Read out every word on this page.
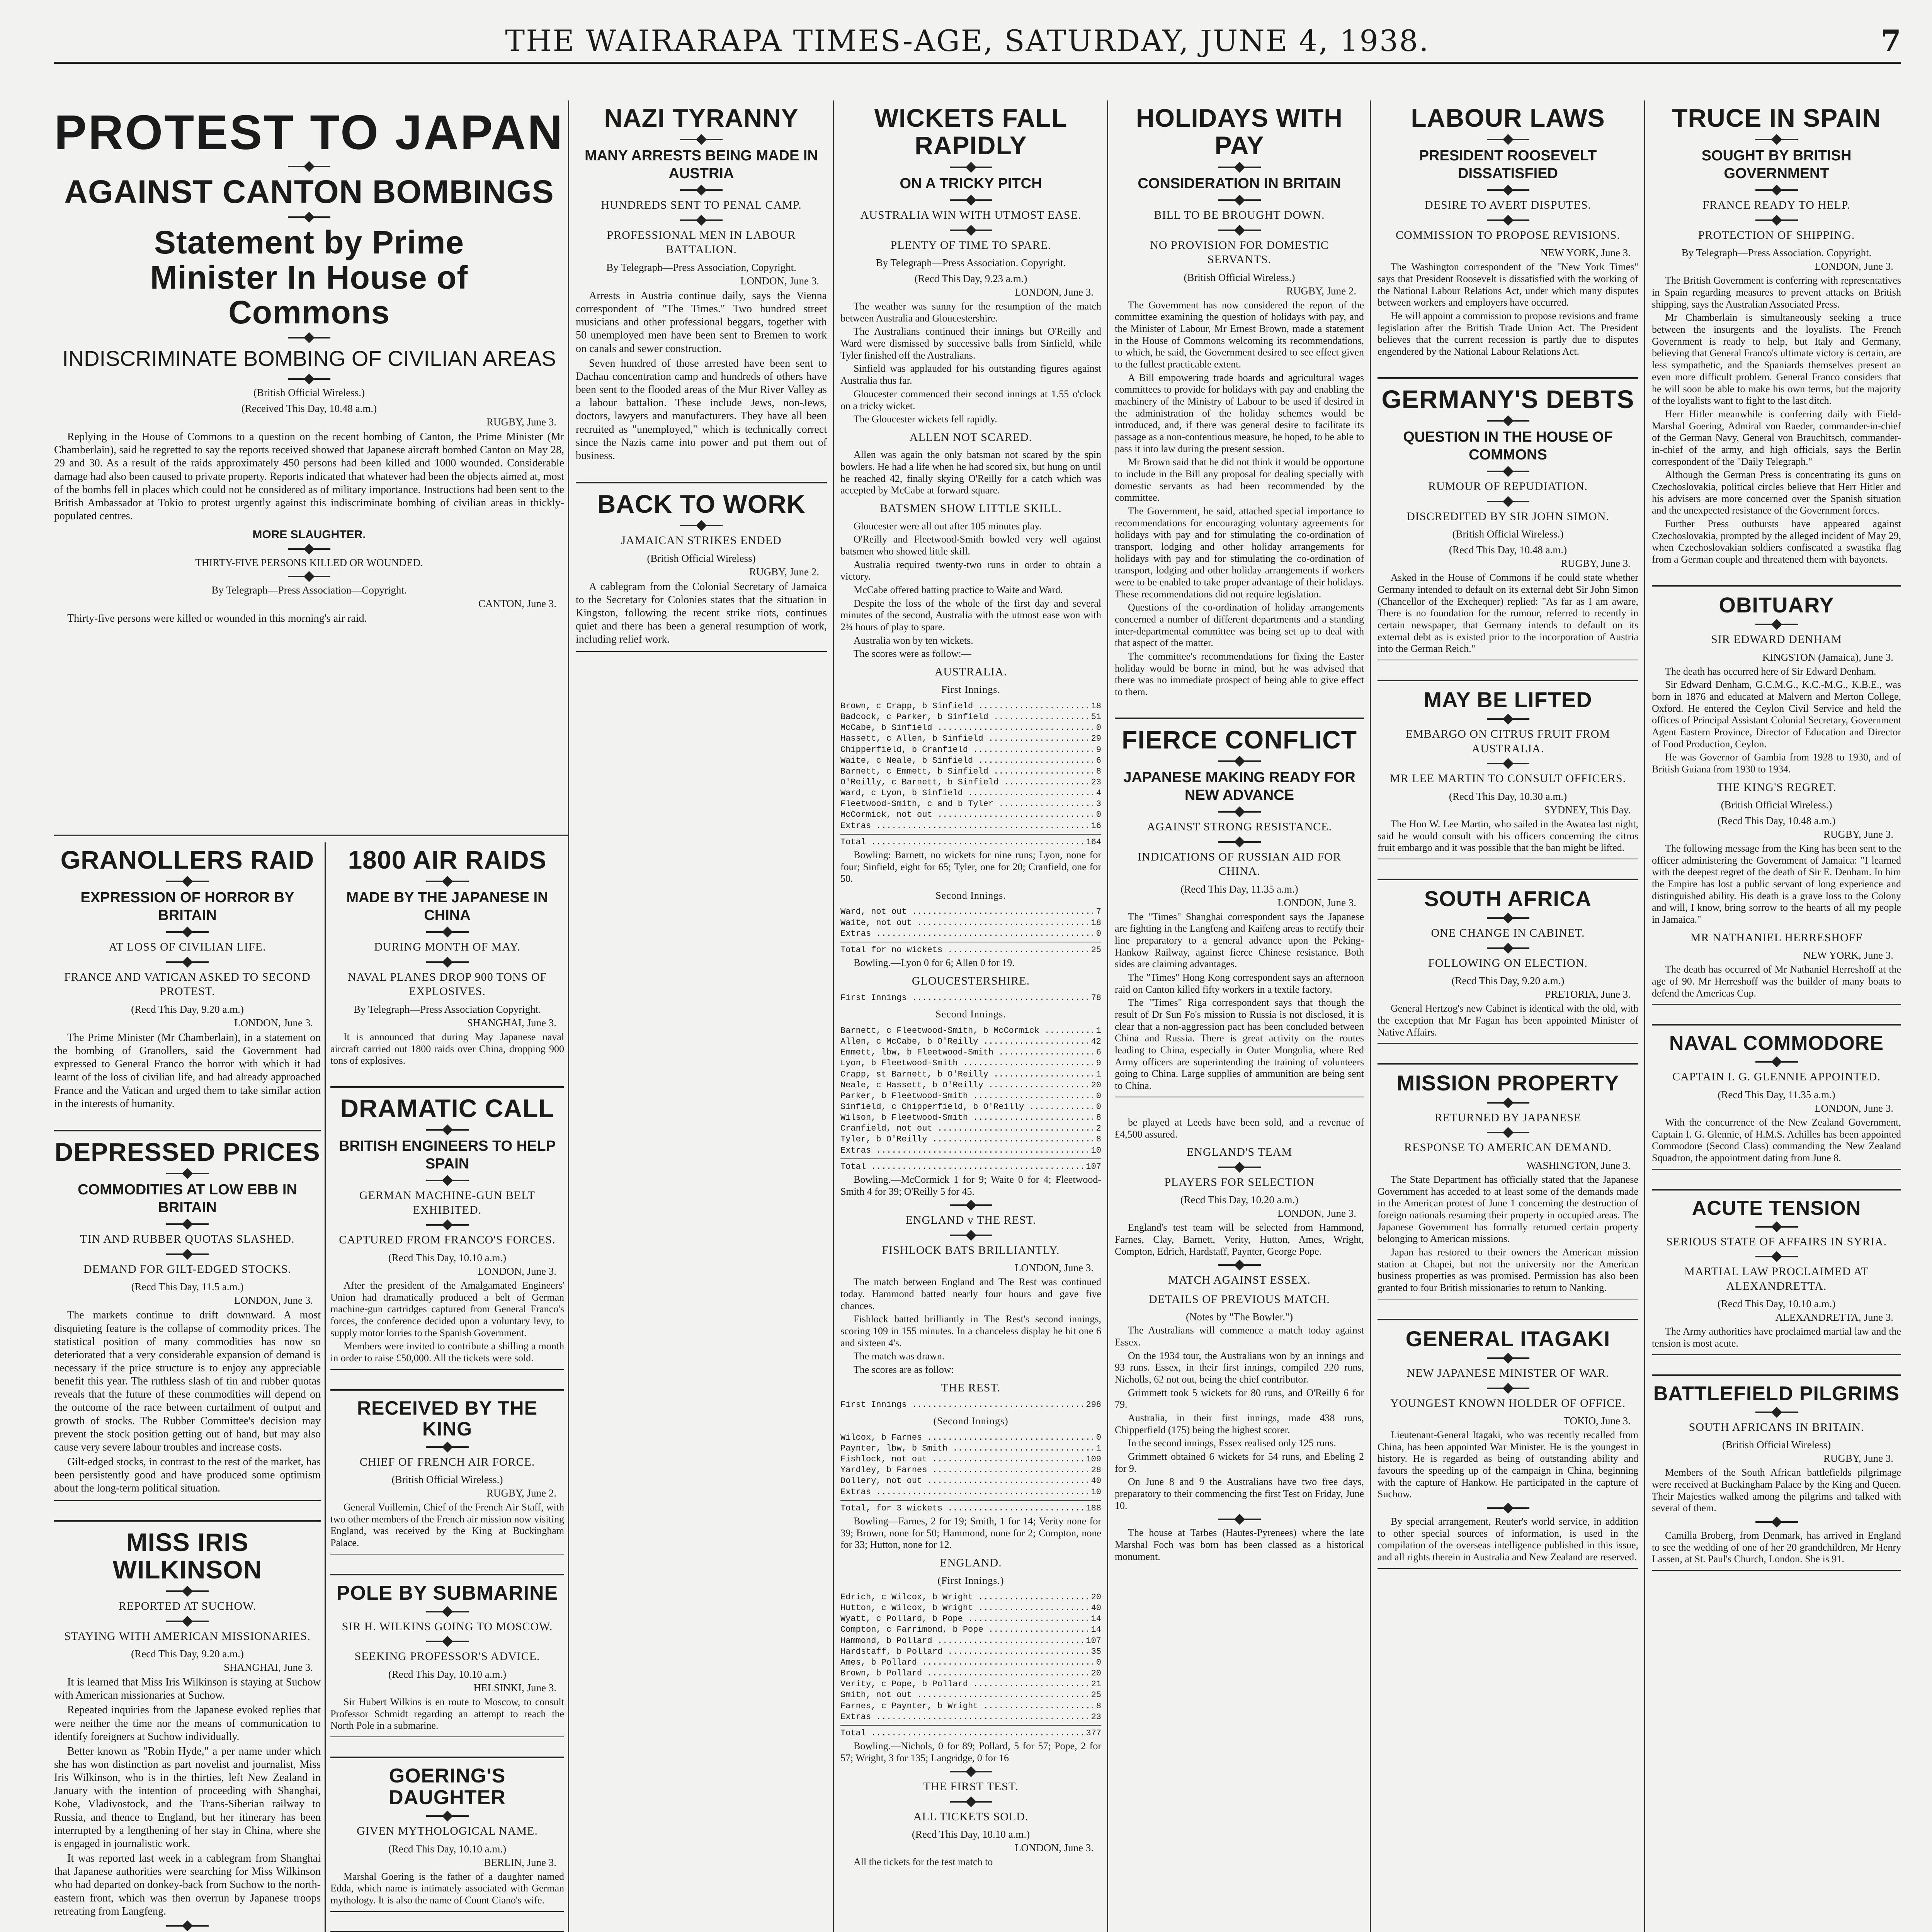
THE WAIRARAPA TIMES-AGE, SATURDAY, JUNE 4, 1938.	7
PROTEST TO JAPAN
AGAINST CANTON BOMBINGS
Statement by Prime Minister In House of Commons
INDISCRIMINATE BOMBING OF CIVILIAN AREAS
(British Official Wireless.)
(Received This Day, 10.48 a.m.)
RUGBY, June 3.

Replying in the House of Commons to a question on the recent bombing of Canton, the Prime Minister (Mr Chamberlain), said he regretted to say the reports received showed that Japanese aircraft bombed Canton on May 28, 29 and 30. As a result of the raids approximately 450 persons had been killed and 1000 wounded. Considerable damage had also been caused to private property. Reports indicated that whatever had been the objects aimed at, most of the bombs fell in places which could not be considered as of military importance. Instructions had been sent to the British Ambassador at Tokio to protest urgently against this indiscriminate bombing of civilian areas in thickly-populated centres.

MORE SLAUGHTER.
THIRTY-FIVE PERSONS KILLED OR WOUNDED.
By Telegraph—Press Association—Copyright.
CANTON, June 3.

Thirty-five persons were killed or wounded in this morning's air raid.

GRANOLLERS RAID
EXPRESSION OF HORROR BY BRITAIN
AT LOSS OF CIVILIAN LIFE.
FRANCE AND VATICAN ASKED TO SECOND PROTEST.
(Recd This Day, 9.20 a.m.)
LONDON, June 3.

The Prime Minister (Mr Chamberlain), in a statement on the bombing of Granollers, said the Government had expressed to General Franco the horror with which it had learnt of the loss of civilian life, and had already approached France and the Vatican and urged them to take similar action in the interests of humanity.

DEPRESSED PRICES
COMMODITIES AT LOW EBB IN BRITAIN
TIN AND RUBBER QUOTAS SLASHED.
DEMAND FOR GILT-EDGED STOCKS.
(Recd This Day, 11.5 a.m.)
LONDON, June 3.

The markets continue to drift downward. A most disquieting feature is the collapse of commodity prices. The statistical position of many commodities has now so deteriorated that a very considerable expansion of demand is necessary if the price structure is to enjoy any appreciable benefit this year. The ruthless slash of tin and rubber quotas reveals that the future of these commodities will depend on the outcome of the race between curtailment of output and growth of stocks. The Rubber Committee's decision may prevent the stock position getting out of hand, but may also cause very severe labour troubles and increase costs.

Gilt-edged stocks, in contrast to the rest of the market, has been persistently good and have produced some optimism about the long-term political situation.

MISS IRIS WILKINSON
REPORTED AT SUCHOW.
STAYING WITH AMERICAN MISSIONARIES.
(Recd This Day, 9.20 a.m.)
SHANGHAI, June 3.

It is learned that Miss Iris Wilkinson is staying at Suchow with American missionaries at Suchow.

Repeated inquiries from the Japanese evoked replies that were neither the time nor the means of communication to identify foreigners at Suchow individually.

Better known as "Robin Hyde," a per name under which she has won distinction as part novelist and journalist, Miss Iris Wilkinson, who is in the thirties, left New Zealand in January with the intention of proceeding with Shanghai, Kobe, Vladivostock, and the Trans-Siberian railway to Russia, and thence to England, but her itinerary has been interrupted by a lengthening of her stay in China, where she is engaged in journalistic work.

It was reported last week in a cablegram from Shanghai that Japanese authorities were searching for Miss Wilkinson who had departed on donkey-back from Suchow to the north-eastern front, which was then overrun by Japanese troops retreating from Langfeng.

1800 AIR RAIDS
MADE BY THE JAPANESE IN CHINA
DURING MONTH OF MAY.
NAVAL PLANES DROP 900 TONS OF EXPLOSIVES.
By Telegraph—Press Association Copyright.
SHANGHAI, June 3.

It is announced that during May Japanese naval aircraft carried out 1800 raids over China, dropping 900 tons of explosives.

DRAMATIC CALL
BRITISH ENGINEERS TO HELP SPAIN
GERMAN MACHINE-GUN BELT EXHIBITED.
CAPTURED FROM FRANCO'S FORCES.
(Recd This Day, 10.10 a.m.)
LONDON, June 3.

After the president of the Amalgamated Engineers' Union had dramatically produced a belt of German machine-gun cartridges captured from General Franco's forces, the conference decided upon a voluntary levy, to supply motor lorries to the Spanish Government.

Members were invited to contribute a shilling a month in order to raise £50,000. All the tickets were sold.

RECEIVED BY THE KING
CHIEF OF FRENCH AIR FORCE.
(British Official Wireless.)
RUGBY, June 2.

General Vuillemin, Chief of the French Air Staff, with two other members of the French air mission now visiting England, was received by the King at Buckingham Palace.

POLE BY SUBMARINE
SIR H. WILKINS GOING TO MOSCOW.
SEEKING PROFESSOR'S ADVICE.
(Recd This Day, 10.10 a.m.)
HELSINKI, June 3.

Sir Hubert Wilkins is en route to Moscow, to consult Professor Schmidt regarding an attempt to reach the North Pole in a submarine.

GOERING'S DAUGHTER
GIVEN MYTHOLOGICAL NAME.
(Recd This Day, 10.10 a.m.)
BERLIN, June 3.

Marshal Goering is the father of a daughter named Edda, which name is intimately associated with German mythology. It is also the name of Count Ciano's wife.

NAZI TYRANNY
MANY ARRESTS BEING MADE IN AUSTRIA
HUNDREDS SENT TO PENAL CAMP.
PROFESSIONAL MEN IN LABOUR BATTALION.
By Telegraph—Press Association, Copyright.
LONDON, June 3.

Arrests in Austria continue daily, says the Vienna correspondent of "The Times." Two hundred street musicians and other professional beggars, together with 50 unemployed men have been sent to Bremen to work on canals and sewer construction.

Seven hundred of those arrested have been sent to Dachau concentration camp and hundreds of others have been sent to the flooded areas of the Mur River Valley as a labour battalion. These include Jews, non-Jews, doctors, lawyers and manufacturers. They have all been recruited as "unemployed," which is technically correct since the Nazis came into power and put them out of business.

BACK TO WORK
JAMAICAN STRIKES ENDED
(British Official Wireless)
RUGBY, June 2.

A cablegram from the Colonial Secretary of Jamaica to the Secretary for Colonies states that the situation in Kingston, following the recent strike riots, continues quiet and there has been a general resumption of work, including relief work.

WICKETS FALL RAPIDLY
ON A TRICKY PITCH
AUSTRALIA WIN WITH UTMOST EASE.
PLENTY OF TIME TO SPARE.
By Telegraph—Press Association. Copyright.
(Recd This Day, 9.23 a.m.)
LONDON, June 3.

The weather was sunny for the resumption of the match between Australia and Gloucestershire.

The Australians continued their innings but O'Reilly and Ward were dismissed by successive balls from Sinfield, while Tyler finished off the Australians.

Sinfield was applauded for his outstanding figures against Australia thus far.

Gloucester commenced their second innings at 1.55 o'clock on a tricky wicket.

The Gloucester wickets fell rapidly.

ALLEN NOT SCARED.

Allen was again the only batsman not scared by the spin bowlers. He had a life when he had scored six, but hung on until he reached 42, finally skying O'Reilly for a catch which was accepted by McCabe at forward square.

BATSMEN SHOW LITTLE SKILL.

Gloucester were all out after 105 minutes play.

O'Reilly and Fleetwood-Smith bowled very well against batsmen who showed little skill.

Australia required twenty-two runs in order to obtain a victory.

McCabe offered batting practice to Waite and Ward.

Despite the loss of the whole of the first day and several minutes of the second, Australia with the utmost ease won with 2¾ hours of play to spare.

Australia won by ten wickets.

The scores were as follow:—

AUSTRALIA.
First Innings.
Brown, c Crapp, b Sinfield .....	18
Badcock, c Parker, b Sinfield .....	51
McCabe, b Sinfield .....	0
Hassett, c Allen, b Sinfield .....	29
Chipperfield, b Cranfield .....	9
Waite, c Neale, b Sinfield .....	6
Barnett, c Emmett, b Sinfield .....	8
O'Reilly, c Barnett, b Sinfield .....	23
Ward, c Lyon, b Sinfield .....	4
Fleetwood-Smith, c and b Tyler .....	3
McCormick, not out .....	0
Extras .....	16
Total .....	164

Bowling: Barnett, no wickets for nine runs; Lyon, none for four; Sinfield, eight for 65; Tyler, one for 20; Cranfield, one for 50.

Second Innings.
Ward, not out .....	7
Waite, not out .....	18
Extras .....	0
Total for no wickets .....	25

Bowling.—Lyon 0 for 6; Allen 0 for 19.

GLOUCESTERSHIRE.
First Innings .....	78
Second Innings.
Barnett, c Fleetwood-Smith, b McCormick .....	1
Allen, c McCabe, b O'Reilly .....	42
Emmett, lbw, b Fleetwood-Smith .....	6
Lyon, b Fleetwood-Smith .....	9
Crapp, st Barnett, b O'Reilly .....	1
Neale, c Hassett, b O'Reilly .....	20
Parker, b Fleetwood-Smith .....	0
Sinfield, c Chipperfield, b O'Reilly .....	0
Wilson, b Fleetwood-Smith .....	8
Cranfield, not out .....	2
Tyler, b O'Reilly .....	8
Extras .....	10
Total .....	107

Bowling.—McCormick 1 for 9; Waite 0 for 4; Fleetwood-Smith 4 for 39; O'Reilly 5 for 45.

ENGLAND v THE REST.
FISHLOCK BATS BRILLIANTLY.
LONDON, June 3.

The match between England and The Rest was continued today. Hammond batted nearly four hours and gave five chances.

Fishlock batted brilliantly in The Rest's second innings, scoring 109 in 155 minutes. In a chanceless display he hit one 6 and sixteen 4's.

The match was drawn.

The scores are as follow:

THE REST.
First Innings .....	298
(Second Innings)
Wilcox, b Farnes .....	0
Paynter, lbw, b Smith .....	1
Fishlock, not out .....	109
Yardley, b Farnes .....	28
Dollery, not out .....	40
Extras .....	10
Total, for 3 wickets .....	188

Bowling—Farnes, 2 for 19; Smith, 1 for 14; Verity none for 39; Brown, none for 50; Hammond, none for 2; Compton, none for 33; Hutton, none for 12.

ENGLAND.
(First Innings.)
Edrich, c Wilcox, b Wright .....	20
Hutton, c Wilcox, b Wright .....	40
Wyatt, c Pollard, b Pope .....	14
Compton, c Farrimond, b Pope .....	14
Hammond, b Pollard .....	107
Hardstaff, b Pollard .....	35
Ames, b Pollard .....	0
Brown, b Pollard .....	20
Verity, c Pope, b Pollard .....	21
Smith, not out .....	25
Farnes, c Paynter, b Wright .....	8
Extras .....	23
Total .....	377

Bowling.—Nichols, 0 for 89; Pollard, 5 for 57; Pope, 2 for 57; Wright, 3 for 135; Langridge, 0 for 16

THE FIRST TEST.
ALL TICKETS SOLD.
(Recd This Day, 10.10 a.m.)
LONDON, June 3.

All the tickets for the test match to

HOLIDAYS WITH PAY
CONSIDERATION IN BRITAIN
BILL TO BE BROUGHT DOWN.
NO PROVISION FOR DOMESTIC SERVANTS.
(British Official Wireless.)
RUGBY, June 2.

The Government has now considered the report of the committee examining the question of holidays with pay, and the Minister of Labour, Mr Ernest Brown, made a statement in the House of Commons welcoming its recommendations, to which, he said, the Government desired to see effect given to the fullest practicable extent.

A Bill empowering trade boards and agricultural wages committees to provide for holidays with pay and enabling the machinery of the Ministry of Labour to be used if desired in the administration of the holiday schemes would be introduced, and, if there was general desire to facilitate its passage as a non-contentious measure, he hoped, to be able to pass it into law during the present session.

Mr Brown said that he did not think it would be opportune to include in the Bill any proposal for dealing specially with domestic servants as had been recommended by the committee.

The Government, he said, attached special importance to recommendations for encouraging voluntary agreements for holidays with pay and for stimulating the co-ordination of transport, lodging and other holiday arrangements for holidays with pay and for stimulating the co-ordination of transport, lodging and other holiday arrangements if workers were to be enabled to take proper advantage of their holidays. These recommendations did not require legislation.

Questions of the co-ordination of holiday arrangements concerned a number of different departments and a standing inter-departmental committee was being set up to deal with that aspect of the matter.

The committee's recommendations for fixing the Easter holiday would be borne in mind, but he was advised that there was no immediate prospect of being able to give effect to them.

FIERCE CONFLICT
JAPANESE MAKING READY FOR NEW ADVANCE
AGAINST STRONG RESISTANCE.
INDICATIONS OF RUSSIAN AID FOR CHINA.
(Recd This Day, 11.35 a.m.)
LONDON, June 3.

The "Times" Shanghai correspondent says the Japanese are fighting in the Langfeng and Kaifeng areas to rectify their line preparatory to a general advance upon the Peking-Hankow Railway, against fierce Chinese resistance. Both sides are claiming advantages.

The "Times" Hong Kong correspondent says an afternoon raid on Canton killed fifty workers in a textile factory.

The "Times" Riga correspondent says that though the result of Dr Sun Fo's mission to Russia is not disclosed, it is clear that a non-aggression pact has been concluded between China and Russia. There is great activity on the routes leading to China, especially in Outer Mongolia, where Red Army officers are superintending the training of volunteers going to China. Large supplies of ammunition are being sent to China.

be played at Leeds have been sold, and a revenue of £4,500 assured.

ENGLAND'S TEAM
PLAYERS FOR SELECTION
(Recd This Day, 10.20 a.m.)
LONDON, June 3.

England's test team will be selected from Hammond, Farnes, Clay, Barnett, Verity, Hutton, Ames, Wright, Compton, Edrich, Hardstaff, Paynter, George Pope.

MATCH AGAINST ESSEX.
DETAILS OF PREVIOUS MATCH.
(Notes by "The Bowler.")

The Australians will commence a match today against Essex.

On the 1934 tour, the Australians won by an innings and 93 runs. Essex, in their first innings, compiled 220 runs, Nicholls, 62 not out, being the chief contributor.

Grimmett took 5 wickets for 80 runs, and O'Reilly 6 for 79.

Australia, in their first innings, made 438 runs, Chipperfield (175) being the highest scorer.

In the second innings, Essex realised only 125 runs.

Grimmett obtained 6 wickets for 54 runs, and Ebeling 2 for 9.

On June 8 and 9 the Australians have two free days, preparatory to their commencing the first Test on Friday, June 10.

The house at Tarbes (Hautes-Pyrenees) where the late Marshal Foch was born has been classed as a historical monument.

LABOUR LAWS
PRESIDENT ROOSEVELT DISSATISFIED
DESIRE TO AVERT DISPUTES.
COMMISSION TO PROPOSE REVISIONS.
NEW YORK, June 3.

The Washington correspondent of the "New York Times" says that President Roosevelt is dissatisfied with the working of the National Labour Relations Act, under which many disputes between workers and employers have occurred.

He will appoint a commission to propose revisions and frame legislation after the British Trade Union Act. The President believes that the current recession is partly due to disputes engendered by the National Labour Relations Act.

GERMANY'S DEBTS
QUESTION IN THE HOUSE OF COMMONS
RUMOUR OF REPUDIATION.
DISCREDITED BY SIR JOHN SIMON.
(British Official Wireless.)
(Recd This Day, 10.48 a.m.)
RUGBY, June 3.

Asked in the House of Commons if he could state whether Germany intended to default on its external debt Sir John Simon (Chancellor of the Exchequer) replied: "As far as I am aware, There is no foundation for the rumour, referred to recently in certain newspaper, that Germany intends to default on its external debt as is existed prior to the incorporation of Austria into the German Reich."

MAY BE LIFTED
EMBARGO ON CITRUS FRUIT FROM AUSTRALIA.
MR LEE MARTIN TO CONSULT OFFICERS.
(Recd This Day, 10.30 a.m.)
SYDNEY, This Day.

The Hon W. Lee Martin, who sailed in the Awatea last night, said he would consult with his officers concerning the citrus fruit embargo and it was possible that the ban might be lifted.

SOUTH AFRICA
ONE CHANGE IN CABINET.
FOLLOWING ON ELECTION.
(Recd This Day, 9.20 a.m.)
PRETORIA, June 3.

General Hertzog's new Cabinet is identical with the old, with the exception that Mr Fagan has been appointed Minister of Native Affairs.

MISSION PROPERTY
RETURNED BY JAPANESE
RESPONSE TO AMERICAN DEMAND.
WASHINGTON, June 3.

The State Department has officially stated that the Japanese Government has acceded to at least some of the demands made in the American protest of June 1 concerning the destruction of foreign nationals resuming their property in occupied areas. The Japanese Government has formally returned certain property belonging to American missions.

Japan has restored to their owners the American mission station at Chapei, but not the university nor the American business properties as was promised. Permission has also been granted to four British missionaries to return to Nanking.

GENERAL ITAGAKI
NEW JAPANESE MINISTER OF WAR.
YOUNGEST KNOWN HOLDER OF OFFICE.
TOKIO, June 3.

Lieutenant-General Itagaki, who was recently recalled from China, has been appointed War Minister. He is the youngest in history. He is regarded as being of outstanding ability and favours the speeding up of the campaign in China, beginning with the capture of Hankow. He participated in the capture of Suchow.

By special arrangement, Reuter's world service, in addition to other special sources of information, is used in the compilation of the overseas intelligence published in this issue, and all rights therein in Australia and New Zealand are reserved.

TRUCE IN SPAIN
SOUGHT BY BRITISH GOVERNMENT
FRANCE READY TO HELP.
PROTECTION OF SHIPPING.
By Telegraph—Press Association. Copyright.
LONDON, June 3.

The British Government is conferring with representatives in Spain regarding measures to prevent attacks on British shipping, says the Australian Associated Press.

Mr Chamberlain is simultaneously seeking a truce between the insurgents and the loyalists. The French Government is ready to help, but Italy and Germany, believing that General Franco's ultimate victory is certain, are less sympathetic, and the Spaniards themselves present an even more difficult problem. General Franco considers that he will soon be able to make his own terms, but the majority of the loyalists want to fight to the last ditch.

Herr Hitler meanwhile is conferring daily with Field-Marshal Goering, Admiral von Raeder, commander-in-chief of the German Navy, General von Brauchitsch, commander-in-chief of the army, and high officials, says the Berlin correspondent of the "Daily Telegraph."

Although the German Press is concentrating its guns on Czechoslovakia, political circles believe that Herr Hitler and his advisers are more concerned over the Spanish situation and the unexpected resistance of the Government forces.

Further Press outbursts have appeared against Czechoslovakia, prompted by the alleged incident of May 29, when Czechoslovakian soldiers confiscated a swastika flag from a German couple and threatened them with bayonets.

OBITUARY
SIR EDWARD DENHAM
KINGSTON (Jamaica), June 3.

The death has occurred here of Sir Edward Denham.

Sir Edward Denham, G.C.M.G., K.C.-M.G., K.B.E., was born in 1876 and educated at Malvern and Merton College, Oxford. He entered the Ceylon Civil Service and held the offices of Principal Assistant Colonial Secretary, Government Agent Eastern Province, Director of Education and Director of Food Production, Ceylon.

He was Governor of Gambia from 1928 to 1930, and of British Guiana from 1930 to 1934.

THE KING'S REGRET.
(British Official Wireless.)
(Recd This Day, 10.48 a.m.)
RUGBY, June 3.

The following message from the King has been sent to the officer administering the Government of Jamaica: "I learned with the deepest regret of the death of Sir E. Denham. In him the Empire has lost a public servant of long experience and distinguished ability. His death is a grave loss to the Colony and will, I know, bring sorrow to the hearts of all my people in Jamaica."

MR NATHANIEL HERRESHOFF
NEW YORK, June 3.

The death has occurred of Mr Nathaniel Herreshoff at the age of 90. Mr Herreshoff was the builder of many boats to defend the Americas Cup.

NAVAL COMMODORE
CAPTAIN I. G. GLENNIE APPOINTED.
(Recd This Day, 11.35 a.m.)
LONDON, June 3.

With the concurrence of the New Zealand Government, Captain I. G. Glennie, of H.M.S. Achilles has been appointed Commodore (Second Class) commanding the New Zealand Squadron, the appointment dating from June 8.

ACUTE TENSION
SERIOUS STATE OF AFFAIRS IN SYRIA.
MARTIAL LAW PROCLAIMED AT ALEXANDRETTA.
(Recd This Day, 10.10 a.m.)
ALEXANDRETTA, June 3.

The Army authorities have proclaimed martial law and the tension is most acute.

BATTLEFIELD PILGRIMS
SOUTH AFRICANS IN BRITAIN.
(British Official Wireless)
RUGBY, June 3.

Members of the South African battlefields pilgrimage were received at Buckingham Palace by the King and Queen. Their Majesties walked among the pilgrims and talked with several of them.

Camilla Broberg, from Denmark, has arrived in England to see the wedding of one of her 20 grandchildren, Mr Henry Lassen, at St. Paul's Church, London. She is 91.
